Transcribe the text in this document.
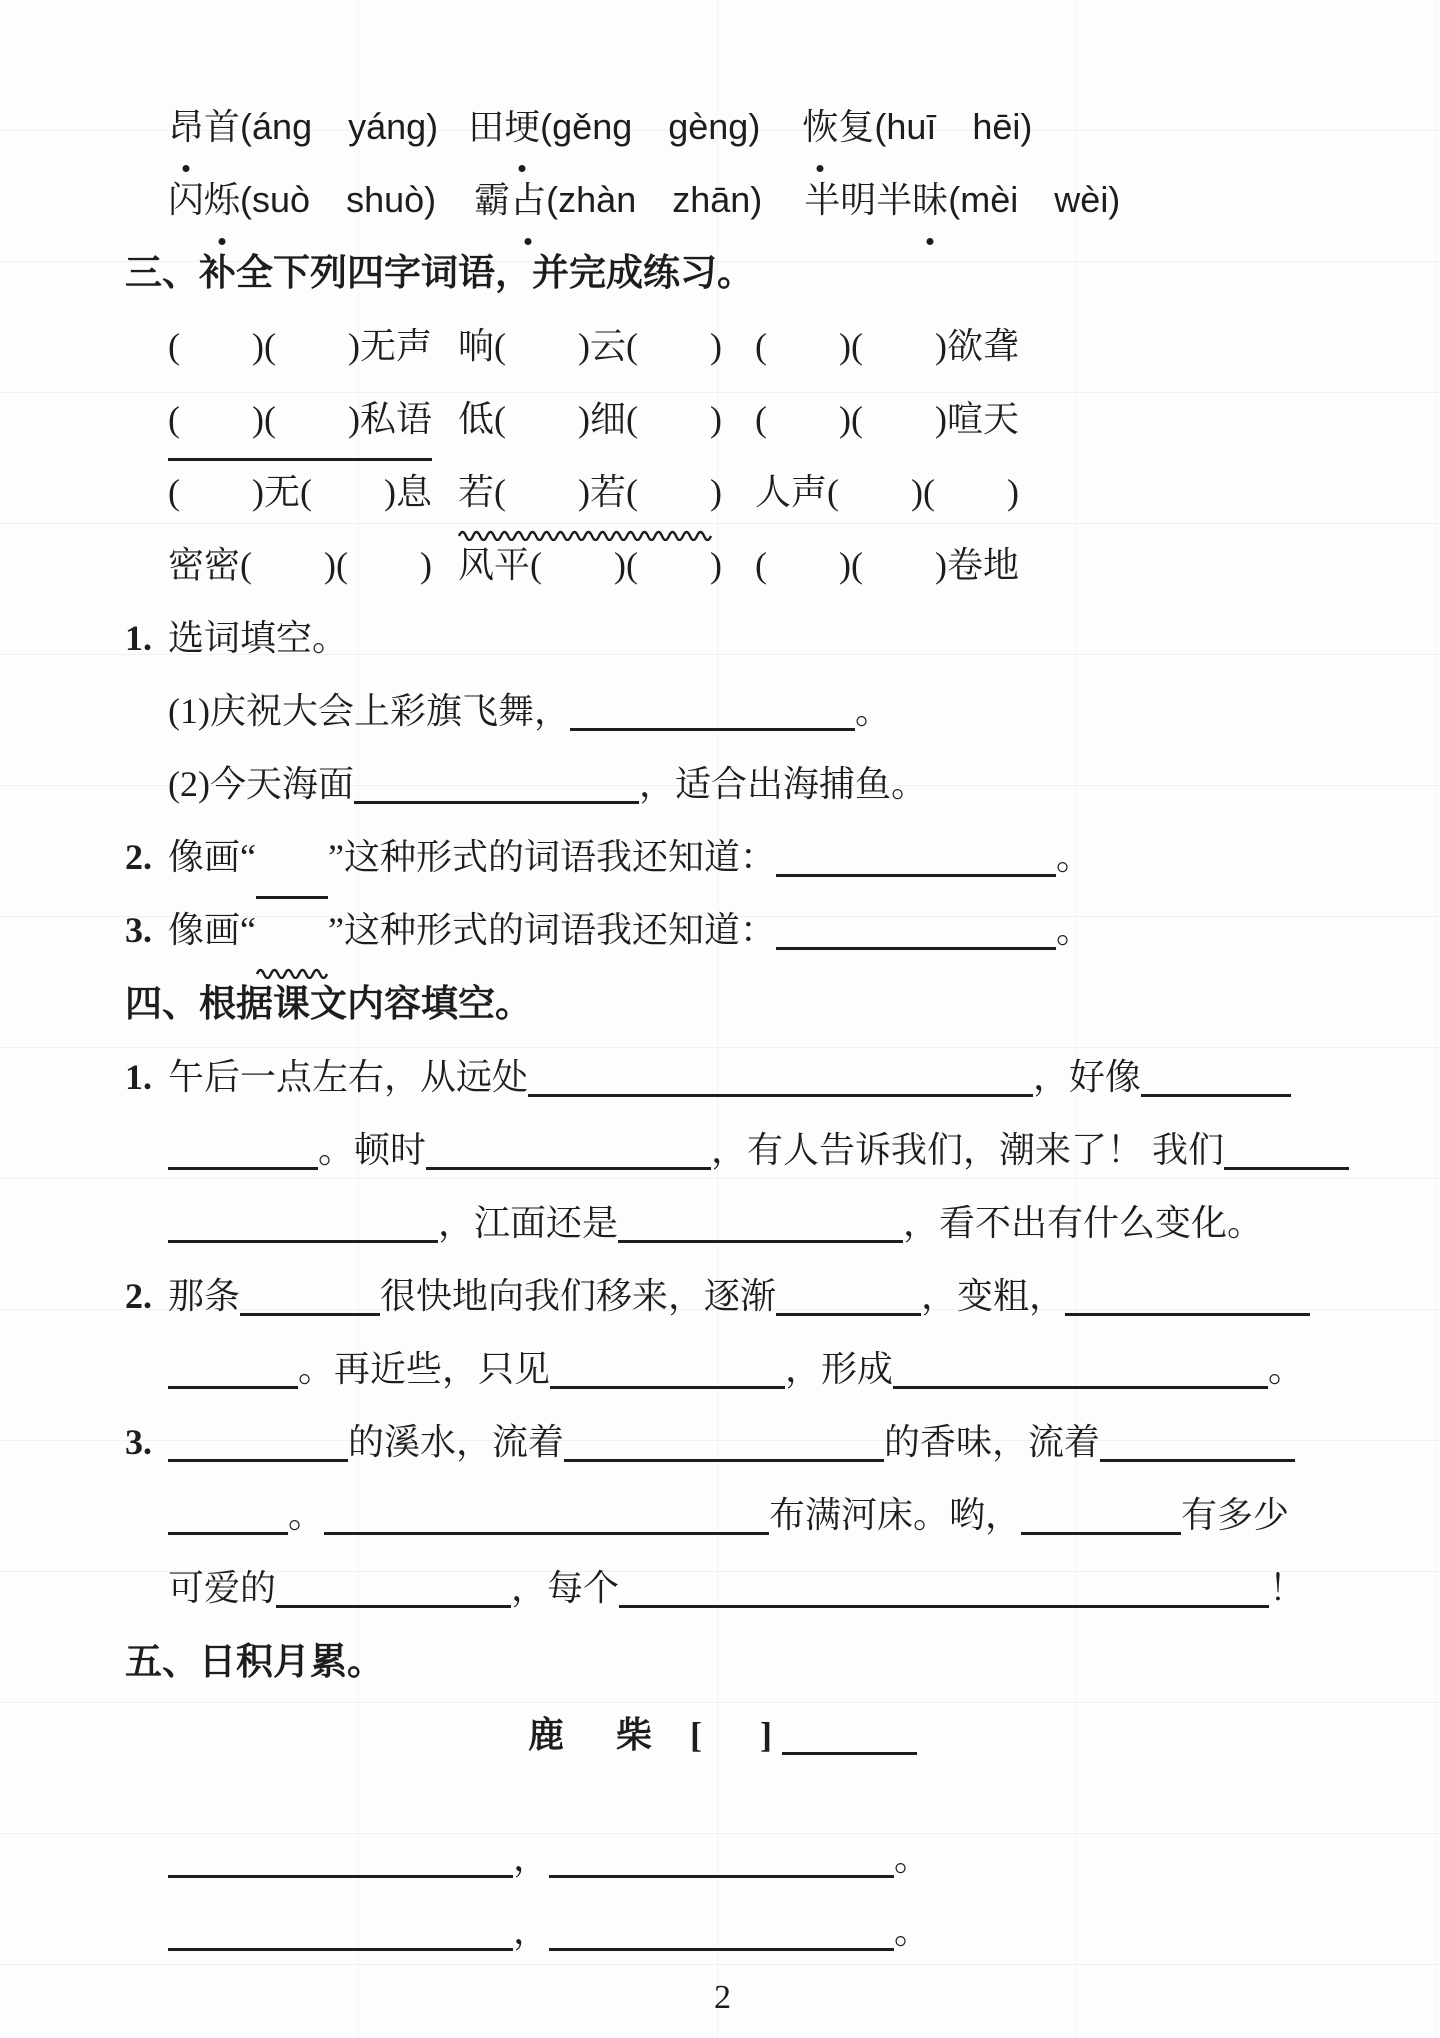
昂首(áng　yáng) 田埂(gěng　gèng) 恢复(huī　hēi)
闪烁(suò　shuò) 霸占(zhàn　zhān) 半明半昧(mèi　wèi)
三、补全下列四字词语，并完成练习。
(　　)(　　)无声 响(　　)云(　　) (　　)(　　)欲聋
(　　)(　　)私语 低(　　)细(　　) (　　)(　　)喧天
(　　)无(　　)息 若(　　)若(　　) 人声(　　)(　　)
密密(　　)(　　) 风平(　　)(　　) (　　)(　　)卷地
1. 选词填空。
(1)庆祝大会上彩旗飞舞，	。
(2)今天海面	，适合出海捕鱼。
2. 像画“　　 ”这种形式的词语我还知道：	。
3. 像画“　　 ”这种形式的词语我还知道：	。
四、根据课文内容填空。
1. 午后一点左右，从远处	，好像
。顿时	，有人告诉我们，潮来了！ 我们
，江面还是	，看不出有什么变化。
2. 那条	很快地向我们移来，逐渐	，变粗，
。再近些，只见	，形成	。
3.	的溪水，流着	的香味，流着
。	布满河床。哟，	有多少
可爱的	，每个	！
五、日积月累。
鹿 柴 [ ]
，	。
，	。
2
